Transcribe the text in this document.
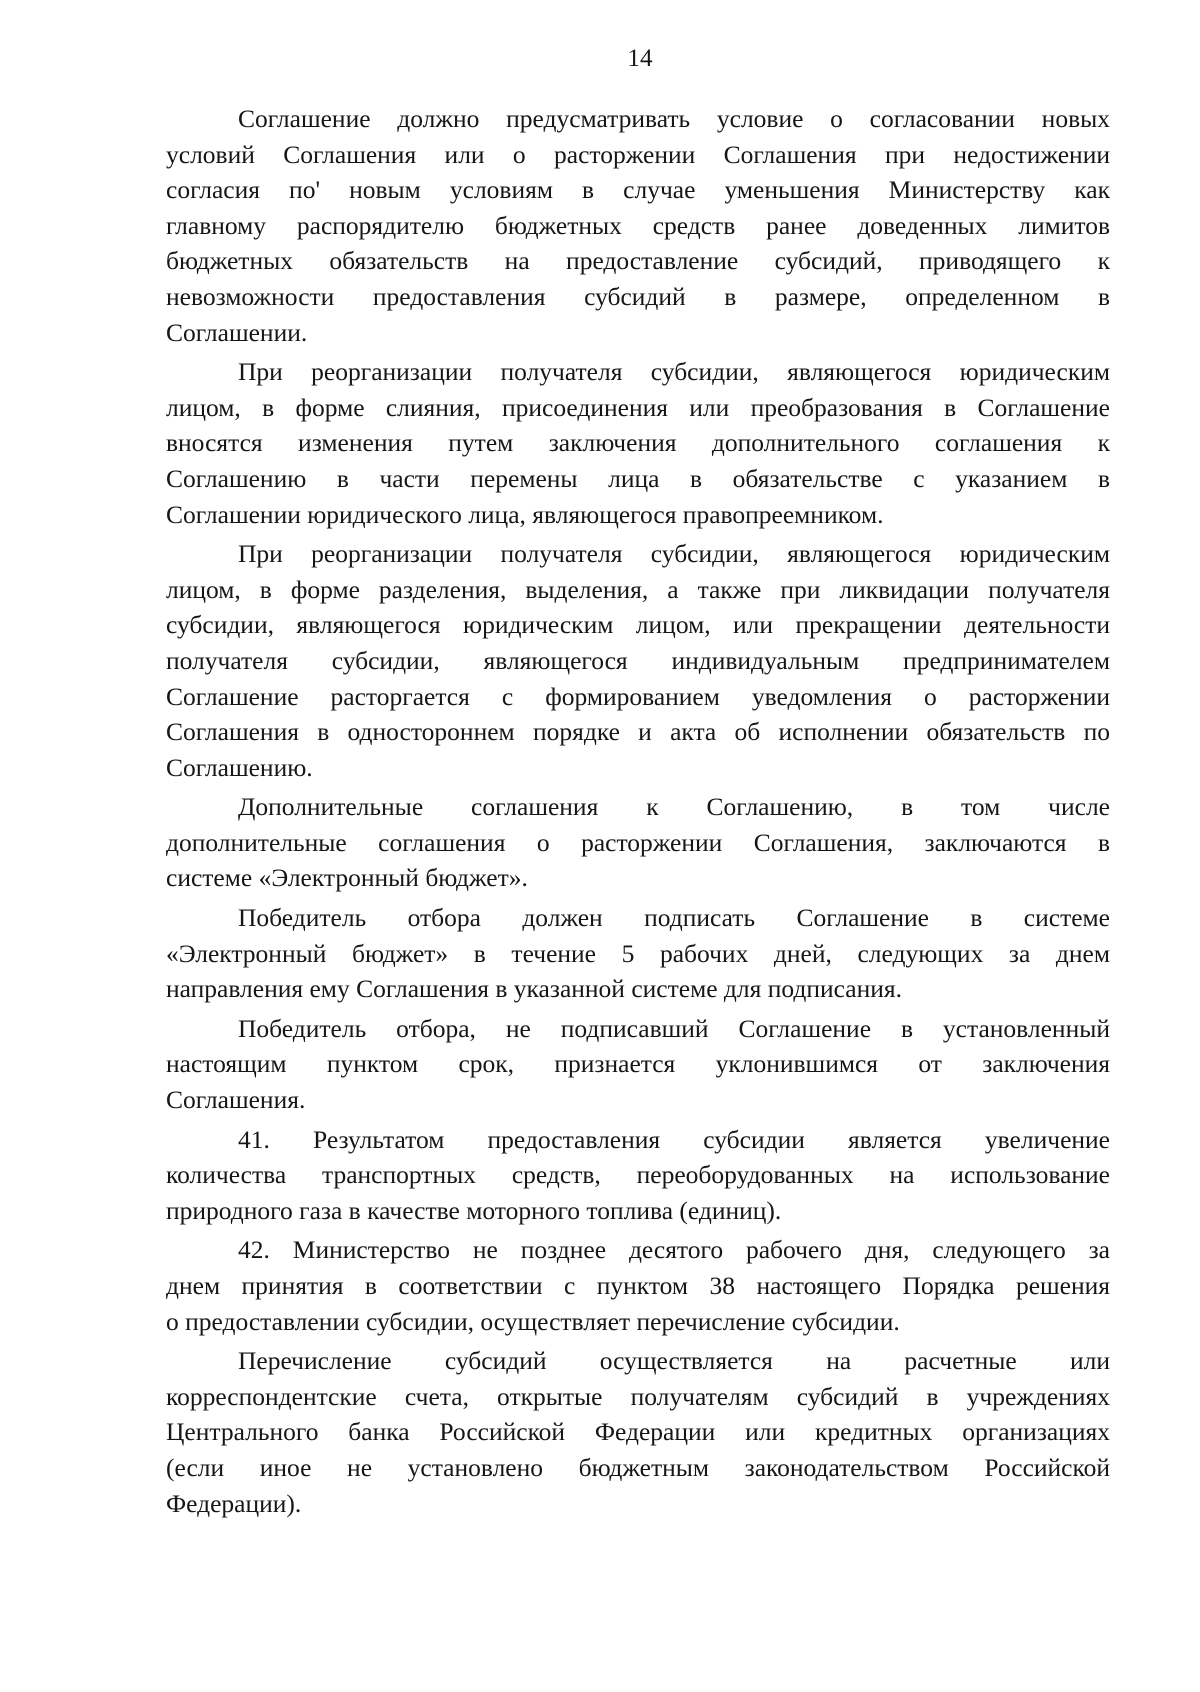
14
Соглашение должно предусматривать условие о согласовании новых
условий Соглашения или о расторжении Соглашения при недостижении
согласия по' новым условиям в случае уменьшения Министерству как
главному распорядителю бюджетных средств ранее доведенных лимитов
бюджетных обязательств на предоставление субсидий, приводящего к
невозможности предоставления субсидий в размере, определенном в
Соглашении.
При реорганизации получателя субсидии, являющегося юридическим
лицом, в форме слияния, присоединения или преобразования в Соглашение
вносятся изменения путем заключения дополнительного соглашения к
Соглашению в части перемены лица в обязательстве с указанием в
Соглашении юридического лица, являющегося правопреемником.
При реорганизации получателя субсидии, являющегося юридическим
лицом, в форме разделения, выделения, а также при ликвидации получателя
субсидии, являющегося юридическим лицом, или прекращении деятельности
получателя субсидии, являющегося индивидуальным предпринимателем
Соглашение расторгается с формированием уведомления о расторжении
Соглашения в одностороннем порядке и акта об исполнении обязательств по
Соглашению.
Дополнительные соглашения к Соглашению, в том числе
дополнительные соглашения о расторжении Соглашения, заключаются в
системе «Электронный бюджет».
Победитель отбора должен подписать Соглашение в системе
«Электронный бюджет» в течение 5 рабочих дней, следующих за днем
направления ему Соглашения в указанной системе для подписания.
Победитель отбора, не подписавший Соглашение в установленный
настоящим пунктом срок, признается уклонившимся от заключения
Соглашения.
41. Результатом предоставления субсидии является увеличение
количества транспортных средств, переоборудованных на использование
природного газа в качестве моторного топлива (единиц).
42. Министерство не позднее десятого рабочего дня, следующего за
днем принятия в соответствии с пунктом 38 настоящего Порядка решения
о предоставлении субсидии, осуществляет перечисление субсидии.
Перечисление субсидий осуществляется на расчетные или
корреспондентские счета, открытые получателям субсидий в учреждениях
Центрального банка Российской Федерации или кредитных организациях
(если иное не установлено бюджетным законодательством Российской
Федерации).
